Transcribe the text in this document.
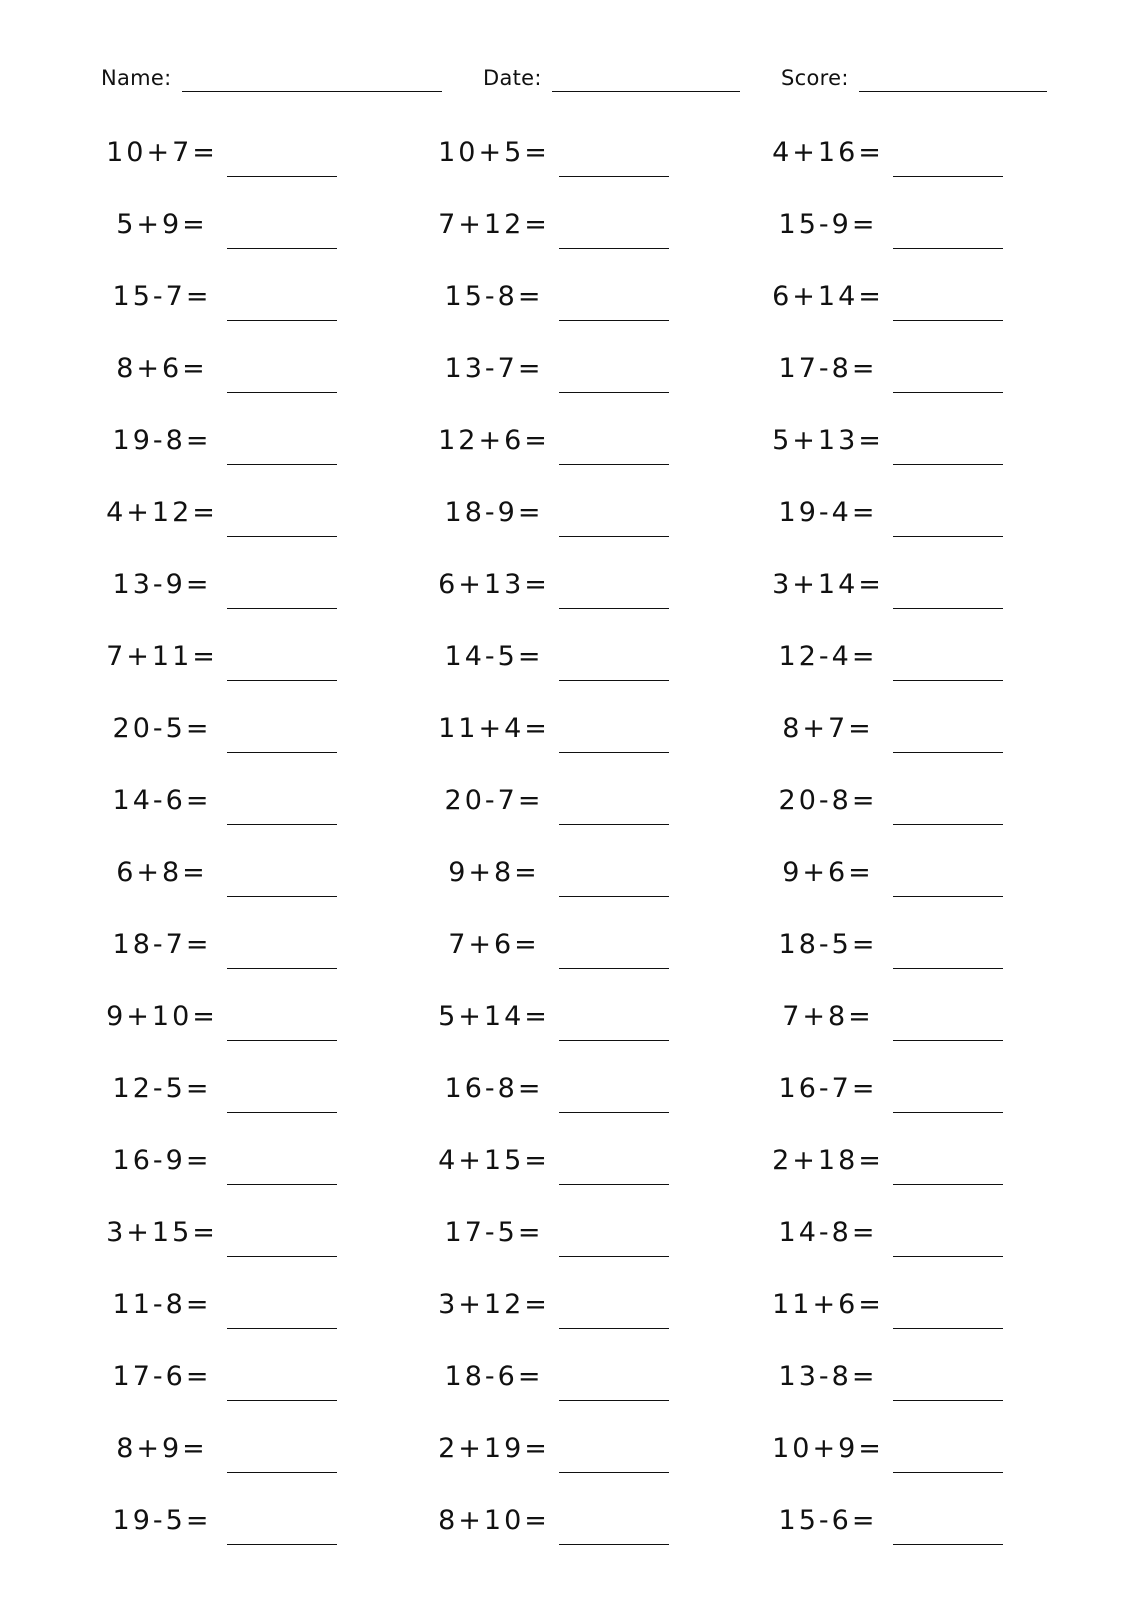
Name:	Date:	Score:
10+7=
5+9=
15-7=
8+6=
19-8=
4+12=
13-9=
7+11=
20-5=
14-6=
6+8=
18-7=
9+10=
12-5=
16-9=
3+15=
11-8=
17-6=
8+9=
19-5=
10+5=
7+12=
15-8=
13-7=
12+6=
18-9=
6+13=
14-5=
11+4=
20-7=
9+8=
7+6=
5+14=
16-8=
4+15=
17-5=
3+12=
18-6=
2+19=
8+10=
4+16=
15-9=
6+14=
17-8=
5+13=
19-4=
3+14=
12-4=
8+7=
20-8=
9+6=
18-5=
7+8=
16-7=
2+18=
14-8=
11+6=
13-8=
10+9=
15-6=
